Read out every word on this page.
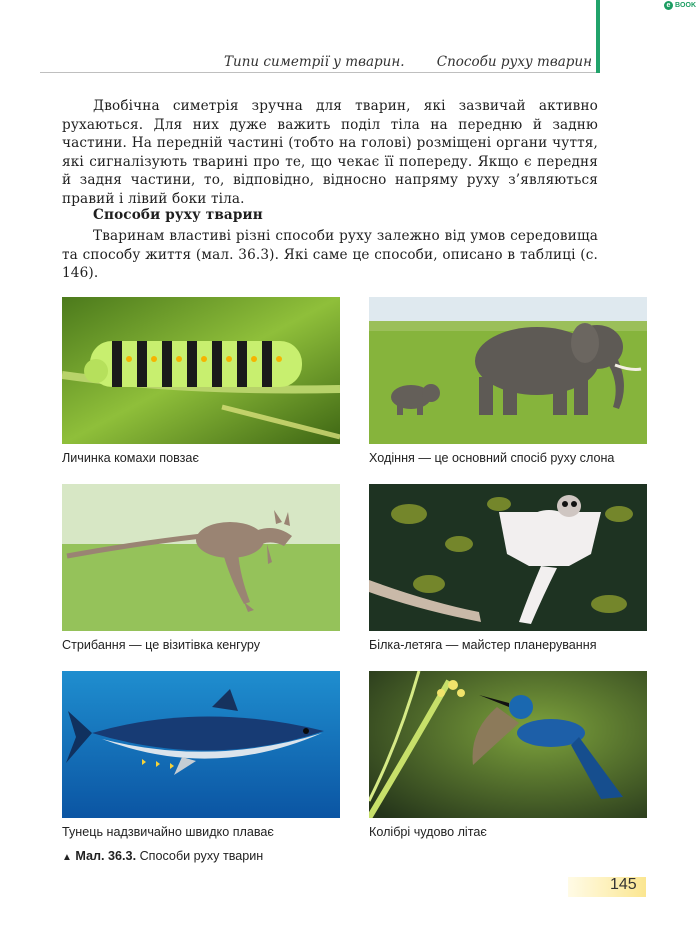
e BOOK
Типи симетрії у тварин. Способи руху тварин
Двобічна симетрія зручна для тварин, які зазвичай активно рухаються. Для них дуже важить поділ тіла на передню й задню частини. На передній частині (тобто на голові) розміщені органи чуття, які сигналізують тварині про те, що чекає її попереду. Якщо є передня й задня частини, то, відповідно, відносно напряму руху з’являються правий і лівий боки тіла.
Способи руху тварин
Тваринам властиві різні способи руху залежно від умов середовища та способу життя (мал. 36.3). Які саме це способи, описано в таблиці (с. 146).
Личинка комахи повзає	Ходіння — це основний спосіб руху слона
Стрибання — це візитівка кенгуру	Білка-летяга — майстер планерування
Тунець надзвичайно швидко плаває	Колібрі чудово літає
▲ Мал. 36.3. Способи руху тварин
145
